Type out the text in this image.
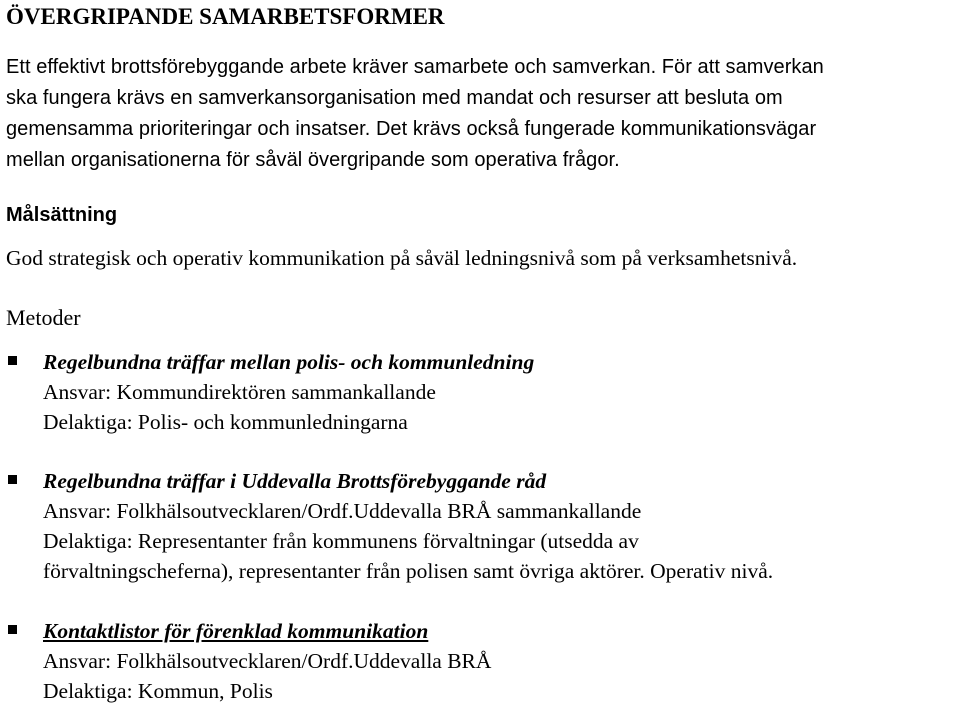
ÖVERGRIPANDE SAMARBETSFORMER
Ett effektivt brottsförebyggande arbete kräver samarbete och samverkan. För att samverkan
ska fungera krävs en samverkansorganisation med mandat och resurser att besluta om
gemensamma prioriteringar och insatser. Det krävs också fungerade kommunikationsvägar
mellan organisationerna för såväl övergripande som operativa frågor.
Målsättning
God strategisk och operativ kommunikation på såväl ledningsnivå som på verksamhetsnivå.
Metoder
Regelbundna träffar mellan polis- och kommunledning
Ansvar: Kommundirektören sammankallande
Delaktiga: Polis- och kommunledningarna
Regelbundna träffar i Uddevalla Brottsförebyggande råd
Ansvar: Folkhälsoutvecklaren/Ordf.Uddevalla BRÅ sammankallande
Delaktiga: Representanter från kommunens förvaltningar (utsedda av
förvaltningscheferna), representanter från polisen samt övriga aktörer. Operativ nivå.
Kontaktlistor för förenklad kommunikation
Ansvar: Folkhälsoutvecklaren/Ordf.Uddevalla BRÅ
Delaktiga: Kommun, Polis
